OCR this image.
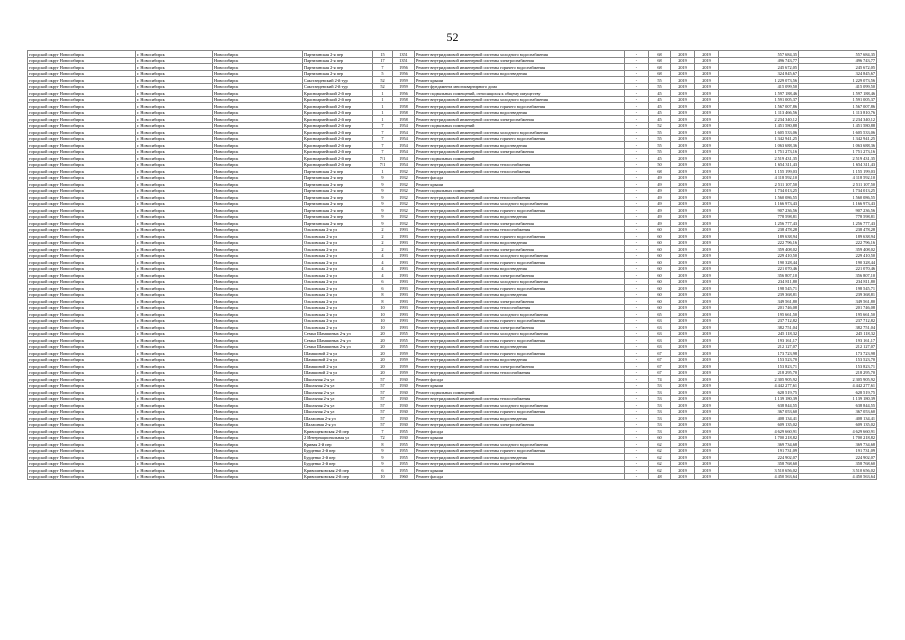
52
городской округ Новосибирск	г. Новосибирск	Новосибирск	Партизанская 2-я пер	15	1351	Ремонт внутридомовой инженерной системы холодного водоснабжения	-	68	2019	2019	557 684,35	557 684,35
городской округ Новосибирск	г. Новосибирск	Новосибирск	Партизанская 2-я пер	17	1351	Ремонт внутридомовой инженерной системы электроснабжения	-	68	2019	2019	496 743,77	496 743,77
городской округ Новосибирск	г. Новосибирск	Новосибирск	Партизанская 2-я пер	7	1956	Ремонт внутридомовой инженерной системы горячего водоснабжения	-	68	2019	2019	245 672,05	245 672,05
городской округ Новосибирск	г. Новосибирск	Новосибирск	Партизанская 2-я пер	5	1956	Ремонт внутридомовой инженерной системы водоотведения	-	68	2019	2019	324 845,67	324 845,67
городской округ Новосибирск	г. Новосибирск	Новосибирск	Сакстандевский 2-й тур	52	1959	Ремонт крыши	-	55	2019	2019	1 229 073,56	1 229 073,56
городской округ Новосибирск	г. Новосибирск	Новосибирск	Сакстандевский 2-й тур	52	1959	Ремонт фундамента многоквартирного дома	-	55	2019	2019	415 099,50	415 099,50
городской округ Новосибирск	г. Новосибирск	Новосибирск	Красноармейский 2-й пер	1	1956	Ремонт подвальных помещений, относящихся к общему имуществу	-	45	2019	2019	1 597 188,46	1 597 188,46
городской округ Новосибирск	г. Новосибирск	Новосибирск	Красноармейский 2-й пер	1	1958	Ремонт внутридомовой инженерной системы холодного водоснабжения	-	45	2019	2019	1 591 005,37	1 591 005,37
городской округ Новосибирск	г. Новосибирск	Новосибирск	Красноармейский 2-й пер	1	1958	Ремонт внутридомовой инженерной системы горячего водоснабжения	-	45	2019	2019	1 567 007,86	1 567 007,86
городской округ Новосибирск	г. Новосибирск	Новосибирск	Красноармейский 2-й пер	1	1958	Ремонт внутридомовой инженерной системы водоотведения	-	45	2019	2019	1 113 466,56	1 113 810,76
городской округ Новосибирск	г. Новосибирск	Новосибирск	Красноармейский 2-й пер	1	1958	Ремонт внутридомовой инженерной системы электроснабжения	-	45	2019	2019	2 234 340,12	2 234 340,12
городской округ Новосибирск	г. Новосибирск	Новосибирск	Красноармейский 2-й пер	7	1954	Ремонт подвальных помещений	-	52	2019	2019	1 451 580,88	1 451 580,88
городской округ Новосибирск	г. Новосибирск	Новосибирск	Красноармейский 2-й пер	7	1954	Ремонт внутридомовой инженерной системы холодного водоснабжения	-	55	2019	2019	1 605 533,06	1 605 533,06
городской округ Новосибирск	г. Новосибирск	Новосибирск	Красноармейский 2-й пер	7	1954	Ремонт внутридомовой инженерной системы горячего водоснабжения	-	55	2019	2019	1 342 941,25	1 342 941,25
городской округ Новосибирск	г. Новосибирск	Новосибирск	Красноармейский 2-й пер	7	1954	Ремонт внутридомовой инженерной системы водоотведения	-	55	2019	2019	1 063 688,36	1 063 688,36
городской округ Новосибирск	г. Новосибирск	Новосибирск	Красноармейский 2-й пер	7	1954	Ремонт внутридомовой инженерной системы электроснабжения	-	55	2019	2019	1 751 273,16	1 751 273,16
городской округ Новосибирск	г. Новосибирск	Новосибирск	Красноармейский 2-й пер	7/1	1954	Ремонт подвальных помещений	-	45	2019	2019	2 519 431,35	2 519 431,35
городской округ Новосибирск	г. Новосибирск	Новосибирск	Красноармейский 2-й пер	7/1	1954	Ремонт внутридомовой инженерной системы теплоснабжения	-	50	2019	2019	1 654 311,43	1 654 311,43
городской округ Новосибирск	г. Новосибирск	Новосибирск	Партизанская 2-я пер	1	1932	Ремонт внутридомовой инженерной системы теплоснабжения	-	68	2019	2019	1 155 199,03	1 155 199,03
городской округ Новосибирск	г. Новосибирск	Новосибирск	Партизанская 2-я пер	9	1932	Ремонт фасада	-	49	2019	2019	4 118 592,10	4 118 592,10
городской округ Новосибирск	г. Новосибирск	Новосибирск	Партизанская 2-я пер	9	1932	Ремонт крыши	-	49	2019	2019	2 511 107,50	2 511 107,50
городской округ Новосибирск	г. Новосибирск	Новосибирск	Партизанская 2-я пер	9	1932	Ремонт подвальных помещений	-	49	2019	2019	1 734 013,25	1 734 013,25
городской округ Новосибирск	г. Новосибирск	Новосибирск	Партизанская 2-я пер	9	1932	Ремонт внутридомовой инженерной системы теплоснабжения	-	49	2019	2019	1 560 086,55	1 560 086,55
городской округ Новосибирск	г. Новосибирск	Новосибирск	Партизанская 2-я пер	9	1932	Ремонт внутридомовой инженерной системы холодного водоснабжения	-	49	2019	2019	1 166 973,43	1 166 973,43
городской округ Новосибирск	г. Новосибирск	Новосибирск	Партизанская 2-я пер	9	1932	Ремонт внутридомовой инженерной системы горячего водоснабжения	-	49	2019	2019	907 236,56	907 236,56
городской округ Новосибирск	г. Новосибирск	Новосибирск	Партизанская 2-я пер	9	1932	Ремонт внутридомовой инженерной системы водоотведения	-	49	2019	2019	778 598,81	778 598,81
городской округ Новосибирск	г. Новосибирск	Новосибирск	Партизанская 2-я пер	9	1932	Ремонт внутридомовой инженерной системы электроснабжения	-	49	2019	2019	1 256 777,43	1 256 777,43
городской округ Новосибирск	г. Новосибирск	Новосибирск	Ольховская 2-я ул	2	1993	Ремонт внутридомовой инженерной системы теплоснабжения	-	60	2019	2019	238 478,28	238 478,28
городской округ Новосибирск	г. Новосибирск	Новосибирск	Ольховская 2-я ул	2	1993	Ремонт внутридомовой инженерной системы горячего водоснабжения	-	60	2019	2019	189 638,94	189 638,94
городской округ Новосибирск	г. Новосибирск	Новосибирск	Ольховская 2-я ул	2	1993	Ремонт внутридомовой инженерной системы водоотведения	-	60	2019	2019	222 796,16	222 796,16
городской округ Новосибирск	г. Новосибирск	Новосибирск	Ольховская 2-я ул	2	1993	Ремонт внутридомовой инженерной системы электроснабжения	-	60	2019	2019	359 408,02	359 408,02
городской округ Новосибирск	г. Новосибирск	Новосибирск	Ольховская 2-я ул	4	1993	Ремонт внутридомовой инженерной системы холодного водоснабжения	-	60	2019	2019	229 410,50	229 410,50
городской округ Новосибирск	г. Новосибирск	Новосибирск	Ольховская 2-я ул	4	1993	Ремонт внутридомовой инженерной системы горячего водоснабжения	-	60	2019	2019	190 328,44	190 328,44
городской округ Новосибирск	г. Новосибирск	Новосибирск	Ольховская 2-я ул	4	1993	Ремонт внутридомовой инженерной системы водоотведения	-	60	2019	2019	221 070,46	221 070,46
городской округ Новосибирск	г. Новосибирск	Новосибирск	Ольховская 2-я ул	4	1993	Ремонт внутридомовой инженерной системы электроснабжения	-	60	2019	2019	356 807,10	356 807,10
городской округ Новосибирск	г. Новосибирск	Новосибирск	Ольховская 2-я ул	6	1993	Ремонт внутридомовой инженерной системы холодного водоснабжения	-	60	2019	2019	234 811,80	234 811,80
городской округ Новосибирск	г. Новосибирск	Новосибирск	Ольховская 2-я ул	6	1993	Ремонт внутридомовой инженерной системы горячего водоснабжения	-	60	2019	2019	198 545,71	198 545,71
городской округ Новосибирск	г. Новосибирск	Новосибирск	Ольховская 2-я ул	8	1993	Ремонт внутридомовой инженерной системы водоотведения	-	60	2019	2019	239 368,81	239 368,81
городской округ Новосибирск	г. Новосибирск	Новосибирск	Ольховская 2-я ул	8	1993	Ремонт внутридомовой инженерной системы электроснабжения	-	60	2019	2019	349 561,80	349 561,80
городской округ Новосибирск	г. Новосибирск	Новосибирск	Ольховская 2-я ул	10	1993	Ремонт внутридомовой инженерной системы теплоснабжения	-	60	2019	2019	201 746,08	201 746,08
городской округ Новосибирск	г. Новосибирск	Новосибирск	Ольховская 2-я ул	10	1993	Ремонт внутридомовой инженерной системы холодного водоснабжения	-	65	2019	2019	195 661,50	195 661,50
городской округ Новосибирск	г. Новосибирск	Новосибирск	Ольховская 2-я ул	10	1993	Ремонт внутридомовой инженерной системы горячего водоснабжения	-	63	2019	2019	237 712,82	237 712,82
городской округ Новосибирск	г. Новосибирск	Новосибирск	Ольховская 2-я ул	10	1993	Ремонт внутридомовой инженерной системы электроснабжения	-	63	2019	2019	382 751,04	382 751,04
городской округ Новосибирск	г. Новосибирск	Новосибирск	Семьи Шамшиных 2-я ул	20	1955	Ремонт внутридомовой инженерной системы холодного водоснабжения	-	63	2019	2019	245 118,32	245 118,32
городской округ Новосибирск	г. Новосибирск	Новосибирск	Семьи Шамшиных 2-я ул	20	1955	Ремонт внутридомовой инженерной системы горячего водоснабжения	-	63	2019	2019	193 161,17	193 161,17
городской округ Новосибирск	г. Новосибирск	Новосибирск	Семьи Шамшиных 2-я ул	20	1955	Ремонт внутридомовой инженерной системы водоотведения	-	63	2019	2019	212 127,07	212 127,07
городской округ Новосибирск	г. Новосибирск	Новосибирск	Шамшиной 2-я ул	20	1959	Ремонт внутридомовой инженерной системы горячего водоснабжения	-	67	2019	2019	173 723,98	173 723,98
городской округ Новосибирск	г. Новосибирск	Новосибирск	Шамшиной 2-я ул	20	1959	Ремонт внутридомовой инженерной системы водоотведения	-	67	2019	2019	153 523,70	153 523,70
городской округ Новосибирск	г. Новосибирск	Новосибирск	Шамшиной 2-я ул	20	1959	Ремонт внутридомовой инженерной системы электроснабжения	-	67	2019	2019	153 823,71	153 823,71
городской округ Новосибирск	г. Новосибирск	Новосибирск	Шамшиной 2-я ул	20	1959	Ремонт внутридомовой инженерной системы теплоснабжения	-	67	2019	2019	218 295,70	218 295,70
городской округ Новосибирск	г. Новосибирск	Новосибирск	Школьная 2-я ул	57	1930	Ремонт фасада	-	74	2019	2019	2 305 905,92	2 305 905,92
городской округ Новосибирск	г. Новосибирск	Новосибирск	Школьная 2-я ул	57	1930	Ремонт крыши	-	53	2019	2019	4 442 277,61	4 442 277,61
городской округ Новосибирск	г. Новосибирск	Новосибирск	Школьная 2-я ул	57	1930	Ремонт подвальных помещений	-	53	2019	2019	628 519,75	628 519,75
городской округ Новосибирск	г. Новосибирск	Новосибирск	Школьная 2-я ул	57	1930	Ремонт внутридомовой инженерной системы теплоснабжения	-	53	2019	2019	1 139 180,39	1 139 180,39
городской округ Новосибирск	г. Новосибирск	Новосибирск	Школьная 2-я ул	57	1930	Ремонт внутридомовой инженерной системы холодного водоснабжения	-	53	2019	2019	638 844,55	638 844,55
городской округ Новосибирск	г. Новосибирск	Новосибирск	Школьная 2-я ул	57	1930	Ремонт внутридомовой инженерной системы горячего водоснабжения	-	53	2019	2019	367 053,60	367 053,60
городской округ Новосибирск	г. Новосибирск	Новосибирск	Шалашная 2-я ул	57	1930	Ремонт внутридомовой инженерной системы водоотведения	-	53	2019	2019	408 134,41	408 134,41
городской округ Новосибирск	г. Новосибирск	Новосибирск	Шалашная 2-я ул	57	1930	Ремонт внутридомовой инженерной системы электроснабжения	-	53	2019	2019	609 135,02	609 135,02
городской округ Новосибирск	г. Новосибирск	Новосибирск	Кривощековская 2-й пер	7	1955	Ремонт фасада	-	53	2019	2019	4 629 660,91	4 629 660,91
городской округ Новосибирск	г. Новосибирск	Новосибирск	2 Интернациональная ул	72	1930	Ремонт крыши	-	60	2019	2019	1 700 218,82	1 700 218,82
городской округ Новосибирск	г. Новосибирск	Новосибирск	Кривая 2-й пер	8	1955	Ремонт внутридомовой инженерной системы холодного водоснабжения	-	62	2019	2019	369 734,68	369 734,68
городской округ Новосибирск	г. Новосибирск	Новосибирск	Бурденко 2-й пер	9	1955	Ремонт внутридомовой инженерной системы горячего водоснабжения	-	62	2019	2019	191 731,09	191 731,09
городской округ Новосибирск	г. Новосибирск	Новосибирск	Бурденко 2-й пер	9	1955	Ремонт внутридомовой инженерной системы водоотведения	-	62	2019	2019	224 902,07	224 902,07
городской округ Новосибирск	г. Новосибирск	Новосибирск	Бурденко 2-й пер	9	1955	Ремонт внутридомовой инженерной системы электроснабжения	-	62	2019	2019	358 768,60	358 768,60
городской округ Новосибирск	г. Новосибирск	Новосибирск	Кривошековская 2-й пер	6	1955	Ремонт крыши	-	62	2019	2019	3 510 656,02	3 510 656,02
городской округ Новосибирск	г. Новосибирск	Новосибирск	Кривошековская 2-й пер	10	1960	Ремонт фасада	-	48	2019	2019	4 450 563,64	4 450 563,64
